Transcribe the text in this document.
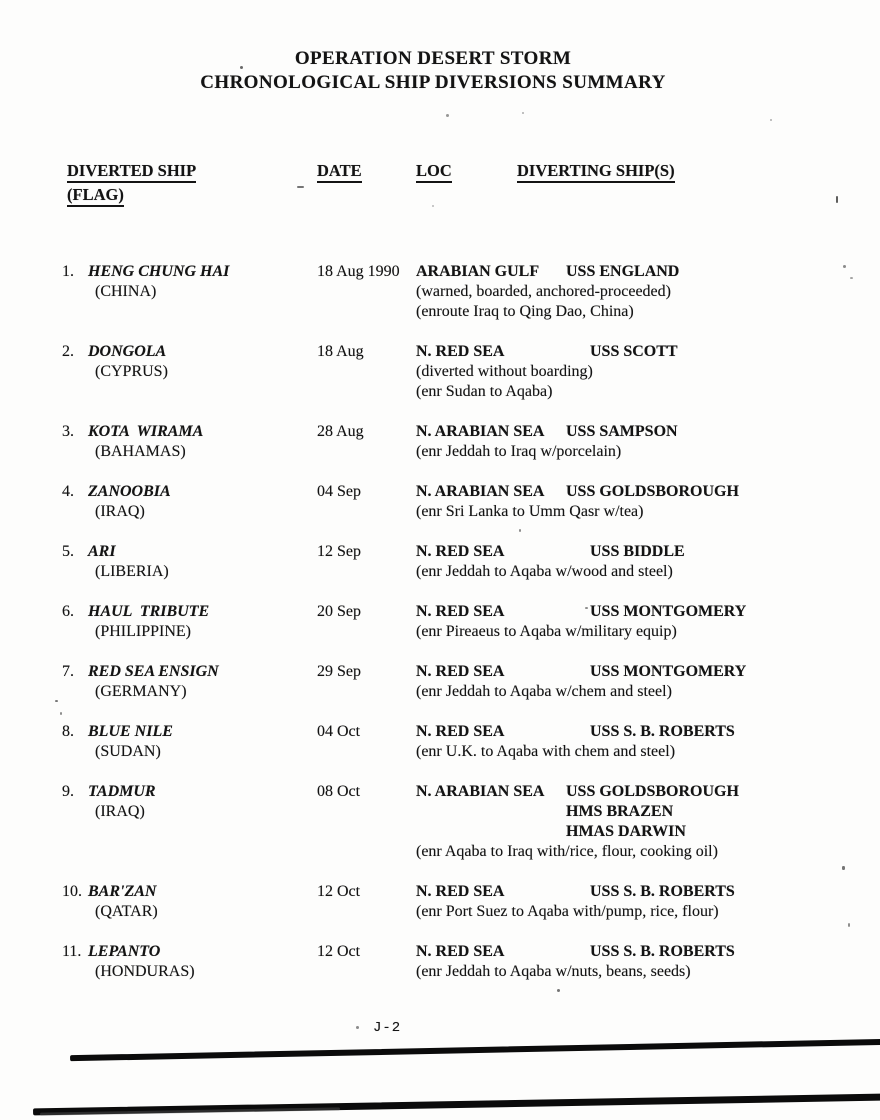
OPERATION DESERT STORM
CHRONOLOGICAL SHIP DIVERSIONS SUMMARY
DIVERTED SHIP
(FLAG)
DATE	LOC	DIVERTING SHIP(S)
1. HENG CHUNG HAI
(CHINA)
18 Aug 1990 ARABIAN GULF USS ENGLAND
(warned, boarded, anchored-proceeded)
(enroute Iraq to Qing Dao, China)
2. DONGOLA
(CYPRUS)
18 Aug	N. RED SEA	USS SCOTT
(diverted without boarding)
(enr Sudan to Aqaba)
3. KOTA  WIRAMA
(BAHAMAS)
28 Aug	N. ARABIAN SEA USS SAMPSON
(enr Jeddah to Iraq w/porcelain)
4. ZANOOBIA
(IRAQ)
04 Sep	N. ARABIAN SEA USS GOLDSBOROUGH
(enr Sri Lanka to Umm Qasr w/tea)
5. ARI
(LIBERIA)
12 Sep	N. RED SEA	USS BIDDLE
(enr Jeddah to Aqaba w/wood and steel)
6. HAUL  TRIBUTE
(PHILIPPINE)
20 Sep	N. RED SEA	USS MONTGOMERY
(enr Pireaeus to Aqaba w/military equip)
7. RED SEA ENSIGN
(GERMANY)
29 Sep	N. RED SEA	USS MONTGOMERY
(enr Jeddah to Aqaba w/chem and steel)
8. BLUE NILE
(SUDAN)
04 Oct	N. RED SEA	USS S. B. ROBERTS
(enr U.K. to Aqaba with chem and steel)
9. TADMUR
(IRAQ)
08 Oct	N. ARABIAN SEA USS GOLDSBOROUGH
HMS BRAZEN
HMAS DARWIN
(enr Aqaba to Iraq with/rice, flour, cooking oil)
10. BAR'ZAN
(QATAR)
12 Oct	N. RED SEA	USS S. B. ROBERTS
(enr Port Suez to Aqaba with/pump, rice, flour)
11. LEPANTO
(HONDURAS)
12 Oct	N. RED SEA	USS S. B. ROBERTS
(enr Jeddah to Aqaba w/nuts, beans, seeds)
J-2
